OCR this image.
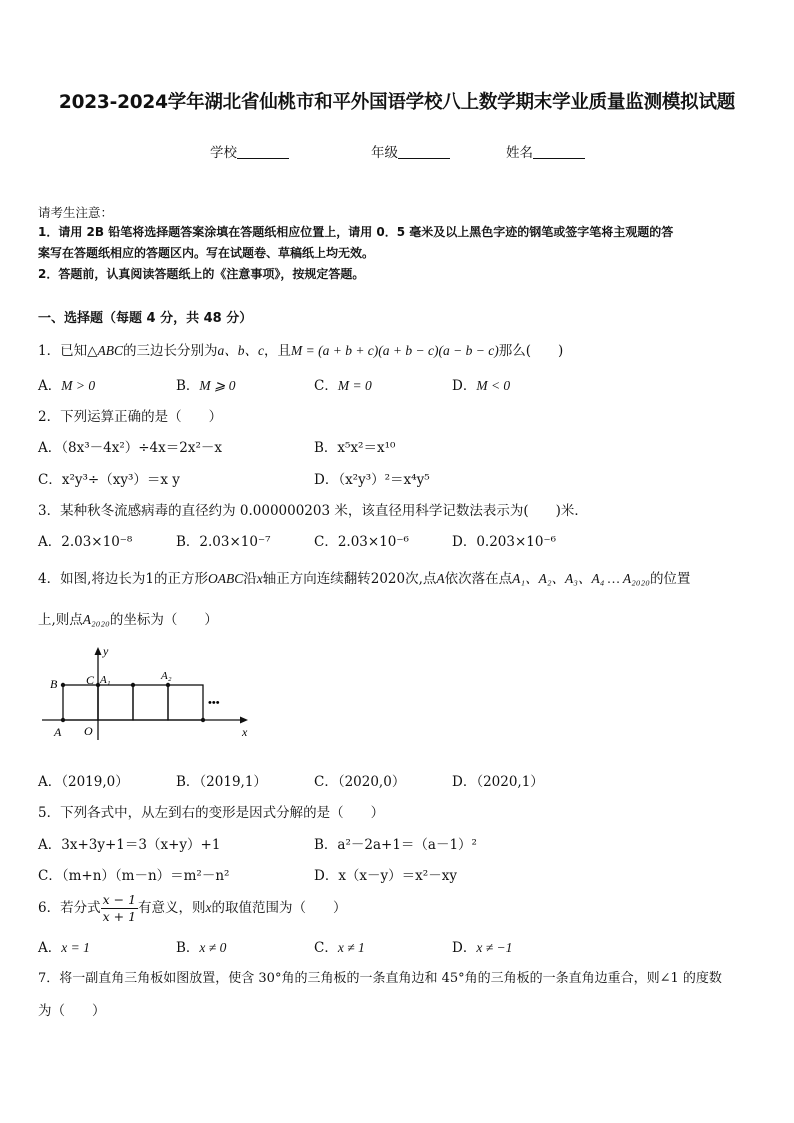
2023-2024学年湖北省仙桃市和平外国语学校八上数学期末学业质量监测模拟试题
学校	年级	姓名
请考生注意：
1．请用 2B 铅笔将选择题答案涂填在答题纸相应位置上，请用 0．5 毫米及以上黑色字迹的钢笔或签字笔将主观题的答
案写在答题纸相应的答题区内。写在试题卷、草稿纸上均无效。
2．答题前，认真阅读答题纸上的《注意事项》，按规定答题。
一、选择题（每题 4 分，共 48 分）
1．已知△ABC的三边长分别为a、b、c，且M = (a + b + c)(a + b − c)(a − b − c)那么(　　)
A．M > 0	B．M ⩾ 0	C．M = 0	D．M < 0
2．下列运算正确的是（　　）
A．（8x³－4x²）÷4x＝2x²－x	B．x⁵x²＝x¹⁰
C．x²y³÷（xy³）＝x y	D．（x²y³）²＝x⁴y⁵
3．某种秋冬流感病毒的直径约为 0.000000203 米，该直径用科学记数法表示为(　　)米．
A．2.03×10⁻⁸	B．2.03×10⁻⁷	C．2.03×10⁻⁶	D．0.203×10⁻⁶
4．如图,将边长为1的正方形OABC沿x轴正方向连续翻转2020次,点A依次落在点A₁、A₂、A₃、A₄ … A₂₀₂₀的位置
上,则点A₂₀₂₀的坐标为（　　）
y
x
B C A₁	A₂
A O
•••
A．（2019,0）	B．（2019,1）	C．（2020,0）	D．（2020,1）
5．下列各式中，从左到右的变形是因式分解的是（　　）
A．3x+3y+1＝3（x+y）+1	B．a²－2a+1＝（a－1）²
C．（m+n）（m－n）＝m²－n²	D．x（x－y）＝x²－xy
6．若分式 $\frac{x - 1}{x + 1}$ 有意义，则x的取值范围为（　　）
A．x = 1	B．x ≠ 0	C．x ≠ 1	D．x ≠ −1
7．将一副直角三角板如图放置，使含 30°角的三角板的一条直角边和 45°角的三角板的一条直角边重合，则∠1 的度数
为（　　）
